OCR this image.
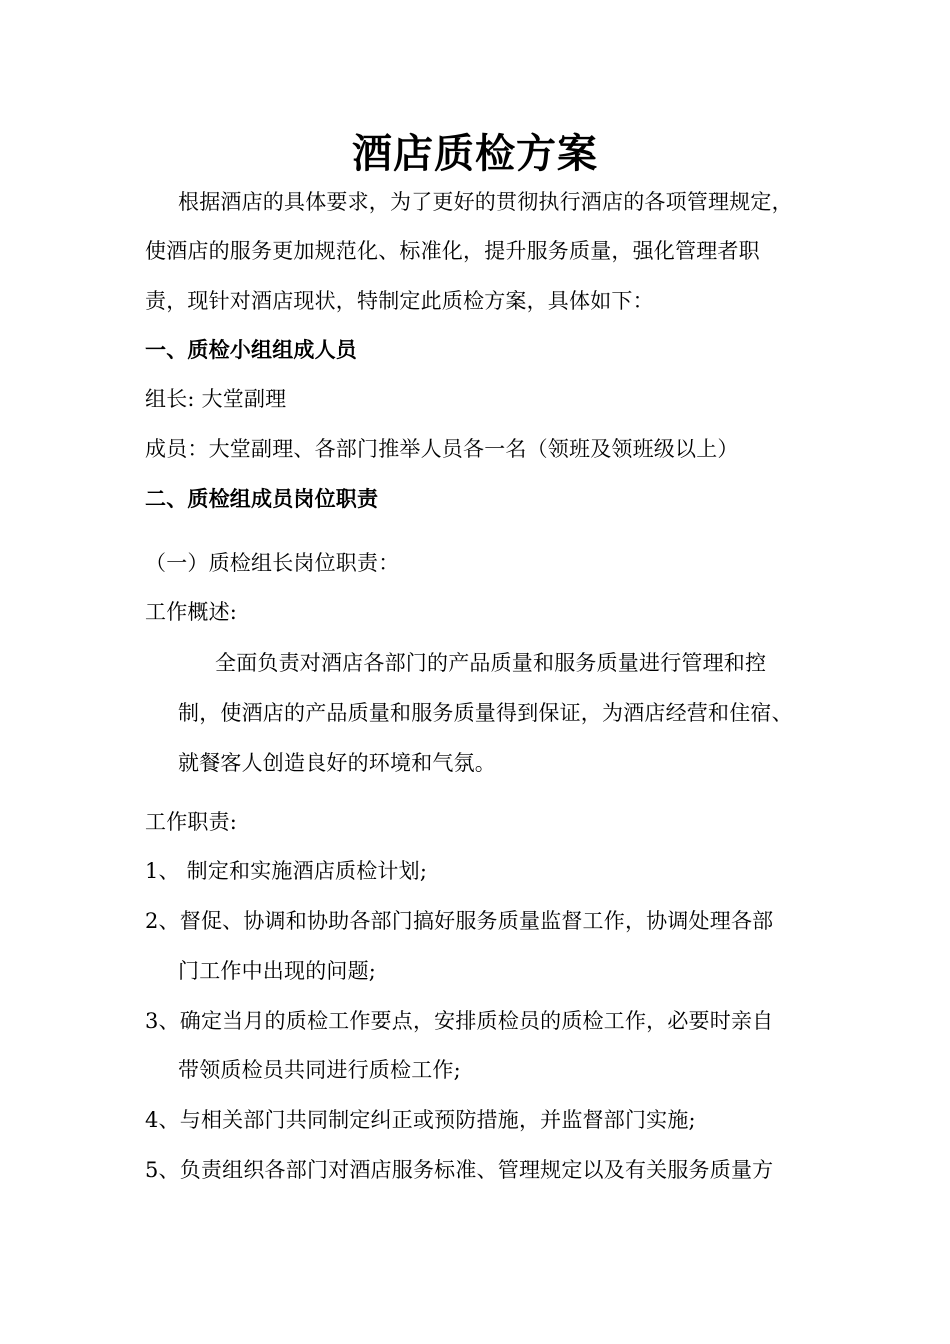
酒店质检方案
根据酒店的具体要求，为了更好的贯彻执行酒店的各项管理规定，
使酒店的服务更加规范化、标准化，提升服务质量，强化管理者职
责，现针对酒店现状，特制定此质检方案，具体如下：
一、质检小组组成人员
组长: 大堂副理
成员：大堂副理、各部门推举人员各一名（领班及领班级以上）
二、质检组成员岗位职责
（一）质检组长岗位职责：
工作概述:
全面负责对酒店各部门的产品质量和服务质量进行管理和控
制，使酒店的产品质量和服务质量得到保证，为酒店经营和住宿、
就餐客人创造良好的环境和气氛。
工作职责:
1、 制定和实施酒店质检计划;
2、督促、协调和协助各部门搞好服务质量监督工作，协调处理各部
门工作中出现的问题;
3、确定当月的质检工作要点，安排质检员的质检工作，必要时亲自
带领质检员共同进行质检工作;
4、与相关部门共同制定纠正或预防措施，并监督部门实施;
5、负责组织各部门对酒店服务标准、管理规定以及有关服务质量方
